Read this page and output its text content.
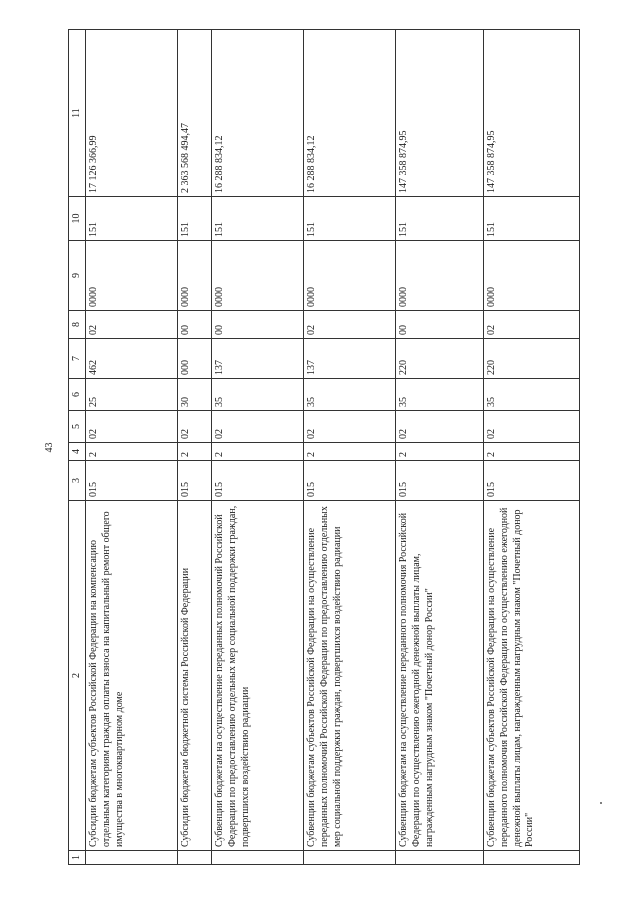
43
1	2	3	4	5	6	7	8	9	10	11
	Субсидии бюджетам субъектов Российской Федерации на компенсацию отдельным категориям граждан оплаты взноса на капитальный ремонт общего имущества в многоквартирном доме	015	2	02	25	462	02	0000	151	17 126 366,99
	Субсидии бюджетам бюджетной системы Российской Федерации	015	2	02	30	000	00	0000	151	2 363 568 494,47
	Субвенции бюджетам на осуществление переданных полномочий Российской Федерации по предоставлению отдельных мер социальной поддержки граждан, подвергшихся воздействию радиации	015	2	02	35	137	00	0000	151	16 288 834,12
	Субвенции бюджетам субъектов Российской Федерации на осуществление переданных полномочий Российской Федерации по предоставлению отдельных мер социальной поддержки граждан, подвергшихся воздействию радиации	015	2	02	35	137	02	0000	151	16 288 834,12
	Субвенции бюджетам на осуществление переданного полномочия Российской Федерации по осуществлению ежегодной денежной выплаты лицам, награжденным нагрудным знаком "Почетный донор России"	015	2	02	35	220	00	0000	151	147 358 874,95
	Субвенции бюджетам субъектов Российской Федерации на осуществление переданного полномочия Российской Федерации по осуществлению ежегодной денежной выплаты лицам, награжденным нагрудным знаком "Почетный донор России"	015	2	02	35	220	02	0000	151	147 358 874,95
